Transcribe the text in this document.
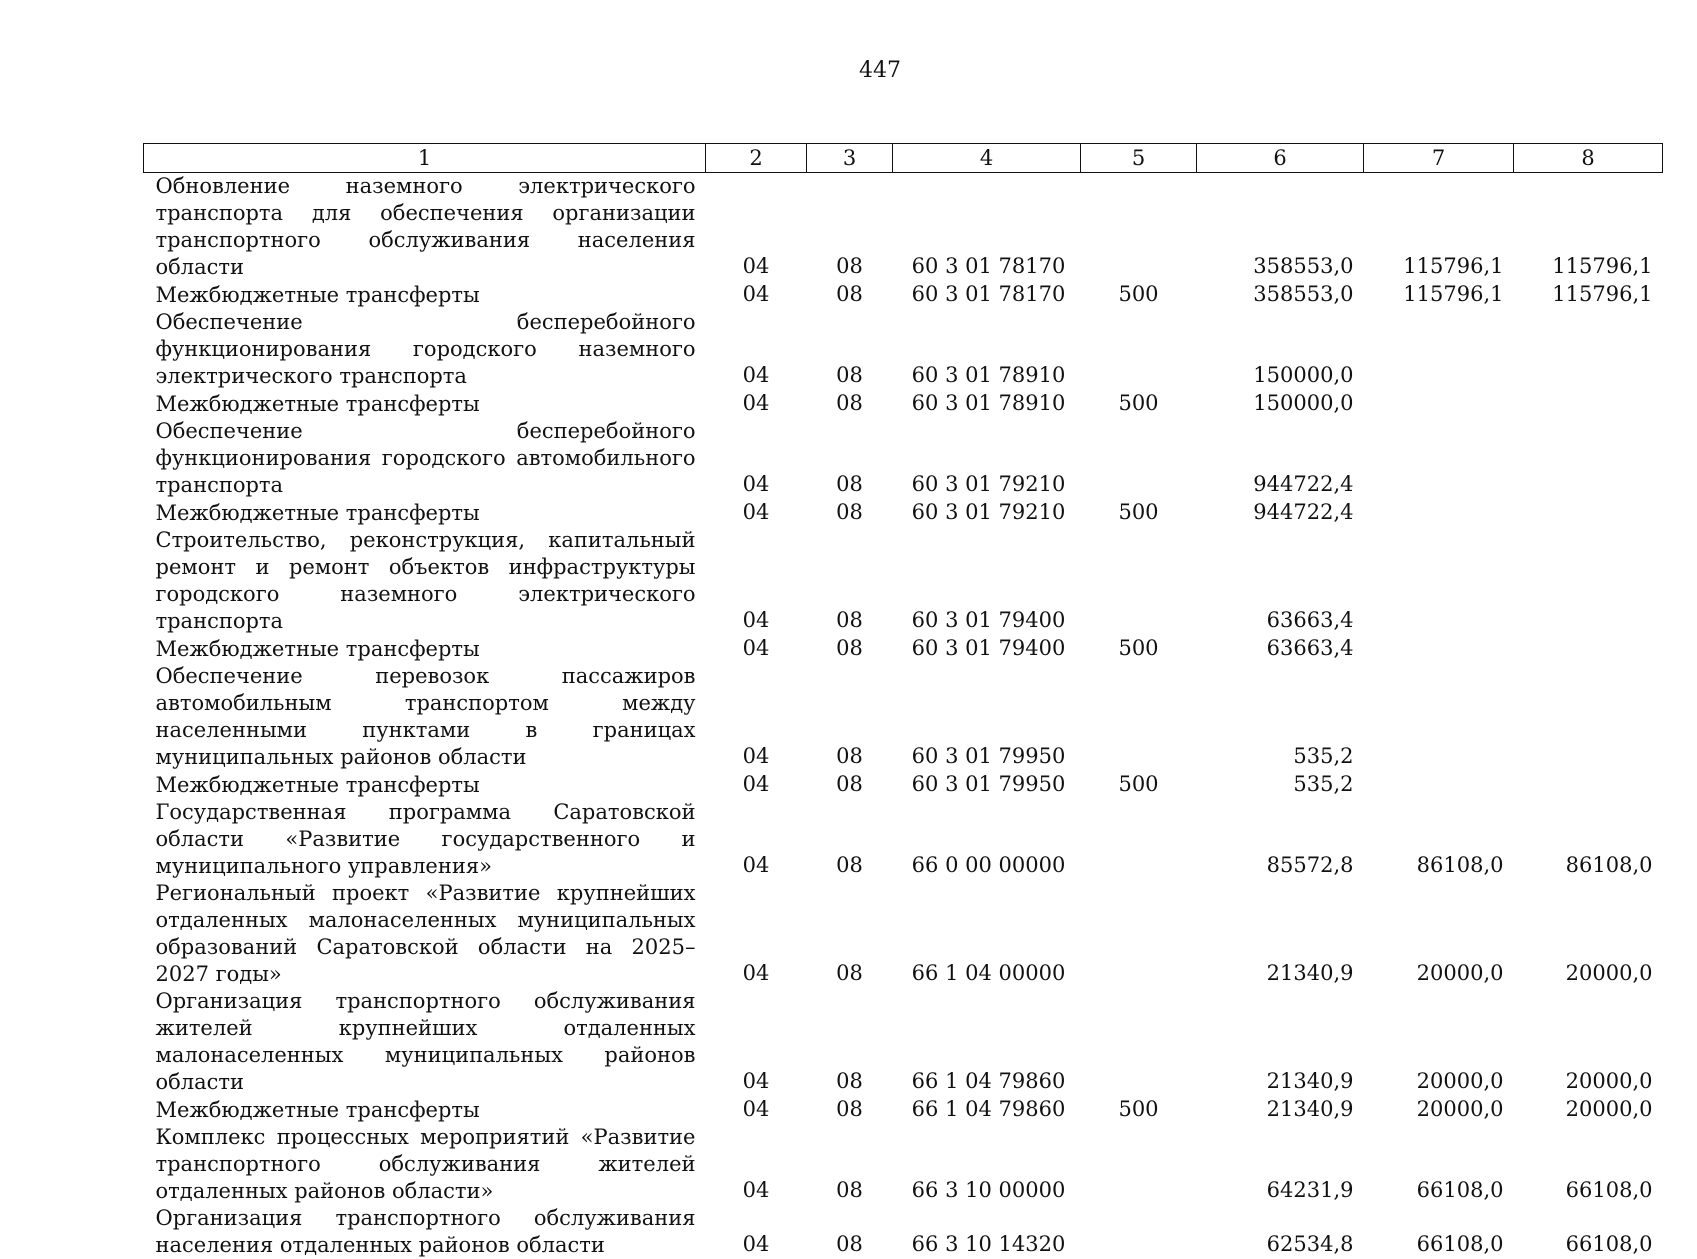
447
1	2	3	4	5	6	7	8
Обновление наземного электрического транспорта для обеспечения организации транспортного обслуживания населения области	04	08	60 3 01 78170		358553,0	115796,1	115796,1
Межбюджетные трансферты	04	08	60 3 01 78170	500	358553,0	115796,1	115796,1
Обеспечение бесперебойного функционирования городского наземного электрического транспорта	04	08	60 3 01 78910		150000,0		
Межбюджетные трансферты	04	08	60 3 01 78910	500	150000,0		
Обеспечение бесперебойного функционирования городского автомобильного транспорта	04	08	60 3 01 79210		944722,4		
Межбюджетные трансферты	04	08	60 3 01 79210	500	944722,4		
Строительство, реконструкция, капитальный ремонт и ремонт объектов инфраструктуры городского наземного электрического транспорта	04	08	60 3 01 79400		63663,4		
Межбюджетные трансферты	04	08	60 3 01 79400	500	63663,4		
Обеспечение перевозок пассажиров автомобильным транспортом между населенными пунктами в границах муниципальных районов области	04	08	60 3 01 79950		535,2		
Межбюджетные трансферты	04	08	60 3 01 79950	500	535,2		
Государственная программа Саратовской области «Развитие государственного и муниципального управления»	04	08	66 0 00 00000		85572,8	86108,0	86108,0
Региональный проект «Развитие крупнейших отдаленных малонаселенных муниципальных образований Саратовской области на 2025–2027 годы»	04	08	66 1 04 00000		21340,9	20000,0	20000,0
Организация транспортного обслуживания жителей крупнейших отдаленных малонаселенных муниципальных районов области	04	08	66 1 04 79860		21340,9	20000,0	20000,0
Межбюджетные трансферты	04	08	66 1 04 79860	500	21340,9	20000,0	20000,0
Комплекс процессных мероприятий «Развитие транспортного обслуживания жителей отдаленных районов области»	04	08	66 3 10 00000		64231,9	66108,0	66108,0
Организация транспортного обслуживания населения отдаленных районов области	04	08	66 3 10 14320		62534,8	66108,0	66108,0
